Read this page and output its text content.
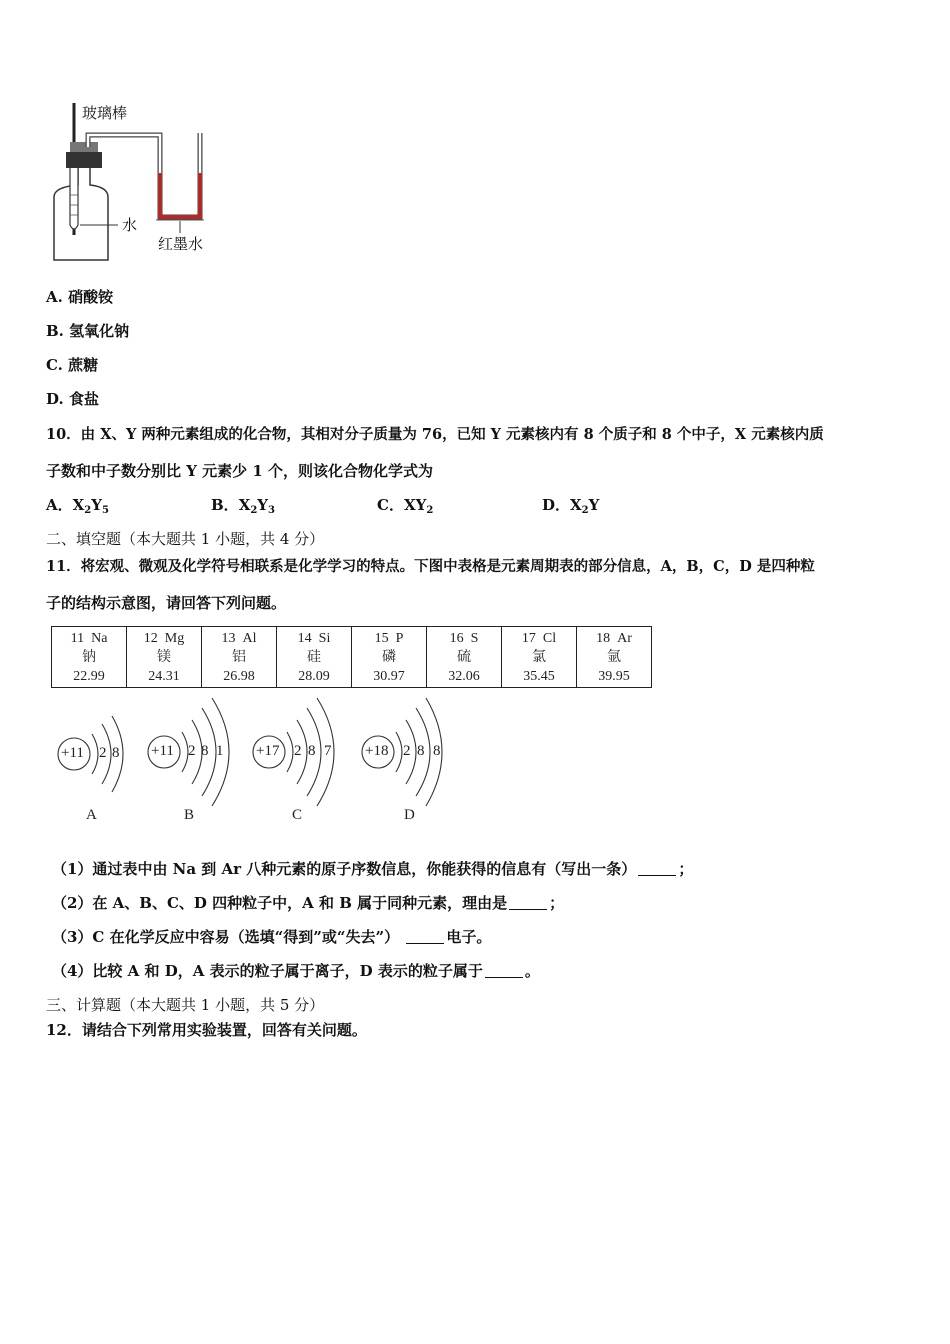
玻璃棒
水
红墨水
A. 硝酸铵
B. 氢氧化钠
C. 蔗糖
D. 食盐
10．由 X、Y 两种元素组成的化合物，其相对分子质量为 76，已知 Y 元素核内有 8 个质子和 8 个中子，X 元素核内质
子数和中子数分别比 Y 元素少 1 个，则该化合物化学式为
A．$X_2Y_5$	B．$X_2Y_3$	C．$XY_2$	D．$X_2Y$
二、填空题（本大题共 1 小题，共 4 分）
11．将宏观、微观及化学符号相联系是化学学习的特点。下图中表格是元素周期表的部分信息，A，B，C，D 是四种粒
子的结构示意图，请回答下列问题。
11 Na
钠
22.99

12 Mg
镁
24.31

13 Al
铝
26.98

14 Si
硅
28.09

15 P
磷
30.97

16 S
硫
32.06

17 Cl
氯
35.45

18 Ar
氩
39.95
+11 2 8
A
+11 2 8 1
B
+17 2 8 7
C
+18 2 8 8
D
（1）通过表中由 Na 到 Ar 八种元素的原子序数信息，你能获得的信息有（写出一条）	；
（2）在 A、B、C、D 四种粒子中，A 和 B 属于同种元素，理由是	；
（3）C 在化学反应中容易（选填“得到”或“失去”）	电子。
（4）比较 A 和 D，A 表示的粒子属于离子，D 表示的粒子属于	。
三、计算题（本大题共 1 小题，共 5 分）
12．请结合下列常用实验装置，回答有关问题。
